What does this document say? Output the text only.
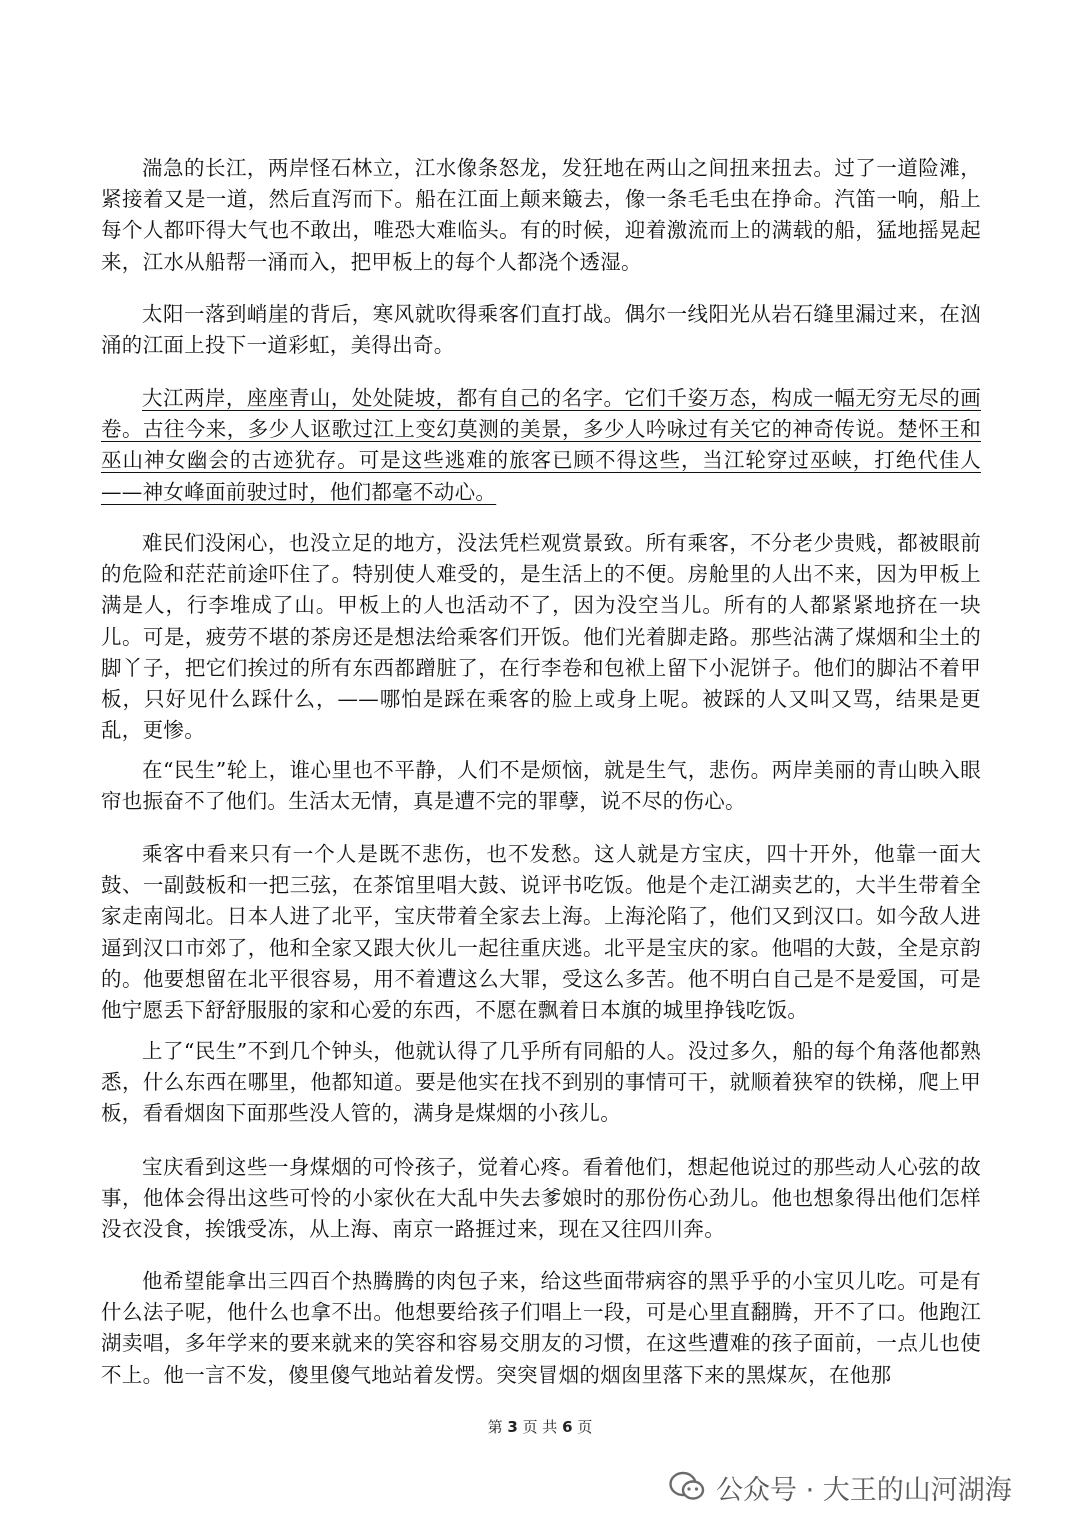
湍急的长江，两岸怪石林立，江水像条怒龙，发狂地在两山之间扭来扭去。过了一道险滩，紧接着又是一道，然后直泻而下。船在江面上颠来簸去，像一条毛毛虫在挣命。汽笛一响，船上每个人都吓得大气也不敢出，唯恐大难临头。有的时候，迎着激流而上的满载的船，猛地摇晃起来，江水从船帮一涌而入，把甲板上的每个人都浇个透湿。

太阳一落到峭崖的背后，寒风就吹得乘客们直打战。偶尔一线阳光从岩石缝里漏过来，在汹涌的江面上投下一道彩虹，美得出奇。

大江两岸，座座青山，处处陡坡，都有自己的名字。它们千姿万态，构成一幅无穷无尽的画卷。古往今来，多少人讴歌过江上变幻莫测的美景，多少人吟咏过有关它的神奇传说。楚怀王和巫山神女幽会的古迹犹存。可是这些逃难的旅客已顾不得这些，当江轮穿过巫峡，打绝代佳人——神女峰面前驶过时，他们都毫不动心。

难民们没闲心，也没立足的地方，没法凭栏观赏景致。所有乘客，不分老少贵贱，都被眼前的危险和茫茫前途吓住了。特别使人难受的，是生活上的不便。房舱里的人出不来，因为甲板上满是人，行李堆成了山。甲板上的人也活动不了，因为没空当儿。所有的人都紧紧地挤在一块儿。可是，疲劳不堪的茶房还是想法给乘客们开饭。他们光着脚走路。那些沾满了煤烟和尘土的脚丫子，把它们挨过的所有东西都蹭脏了，在行李卷和包袱上留下小泥饼子。他们的脚沾不着甲板，只好见什么踩什么，——哪怕是踩在乘客的脸上或身上呢。被踩的人又叫又骂，结果是更乱，更惨。

在“民生”轮上，谁心里也不平静，人们不是烦恼，就是生气，悲伤。两岸美丽的青山映入眼帘也振奋不了他们。生活太无情，真是遭不完的罪孽，说不尽的伤心。

乘客中看来只有一个人是既不悲伤，也不发愁。这人就是方宝庆，四十开外，他靠一面大鼓、一副鼓板和一把三弦，在茶馆里唱大鼓、说评书吃饭。他是个走江湖卖艺的，大半生带着全家走南闯北。日本人进了北平，宝庆带着全家去上海。上海沦陷了，他们又到汉口。如今敌人进逼到汉口市郊了，他和全家又跟大伙儿一起往重庆逃。北平是宝庆的家。他唱的大鼓，全是京韵的。他要想留在北平很容易，用不着遭这么大罪，受这么多苦。他不明白自己是不是爱国，可是他宁愿丢下舒舒服服的家和心爱的东西，不愿在飘着日本旗的城里挣钱吃饭。

上了“民生”不到几个钟头，他就认得了几乎所有同船的人。没过多久，船的每个角落他都熟悉，什么东西在哪里，他都知道。要是他实在找不到别的事情可干，就顺着狭窄的铁梯，爬上甲板，看看烟囱下面那些没人管的，满身是煤烟的小孩儿。

宝庆看到这些一身煤烟的可怜孩子，觉着心疼。看着他们，想起他说过的那些动人心弦的故事，他体会得出这些可怜的小家伙在大乱中失去爹娘时的那份伤心劲儿。他也想象得出他们怎样没衣没食，挨饿受冻，从上海、南京一路捱过来，现在又往四川奔。

他希望能拿出三四百个热腾腾的肉包子来，给这些面带病容的黑乎乎的小宝贝儿吃。可是有什么法子呢，他什么也拿不出。他想要给孩子们唱上一段，可是心里直翻腾，开不了口。他跑江湖卖唱，多年学来的要来就来的笑容和容易交朋友的习惯，在这些遭难的孩子面前，一点儿也使不上。他一言不发，傻里傻气地站着发愣。突突冒烟的烟囱里落下来的黑煤灰，在他那

第 3 页 共 6 页
公众号 · 大王的山河湖海
